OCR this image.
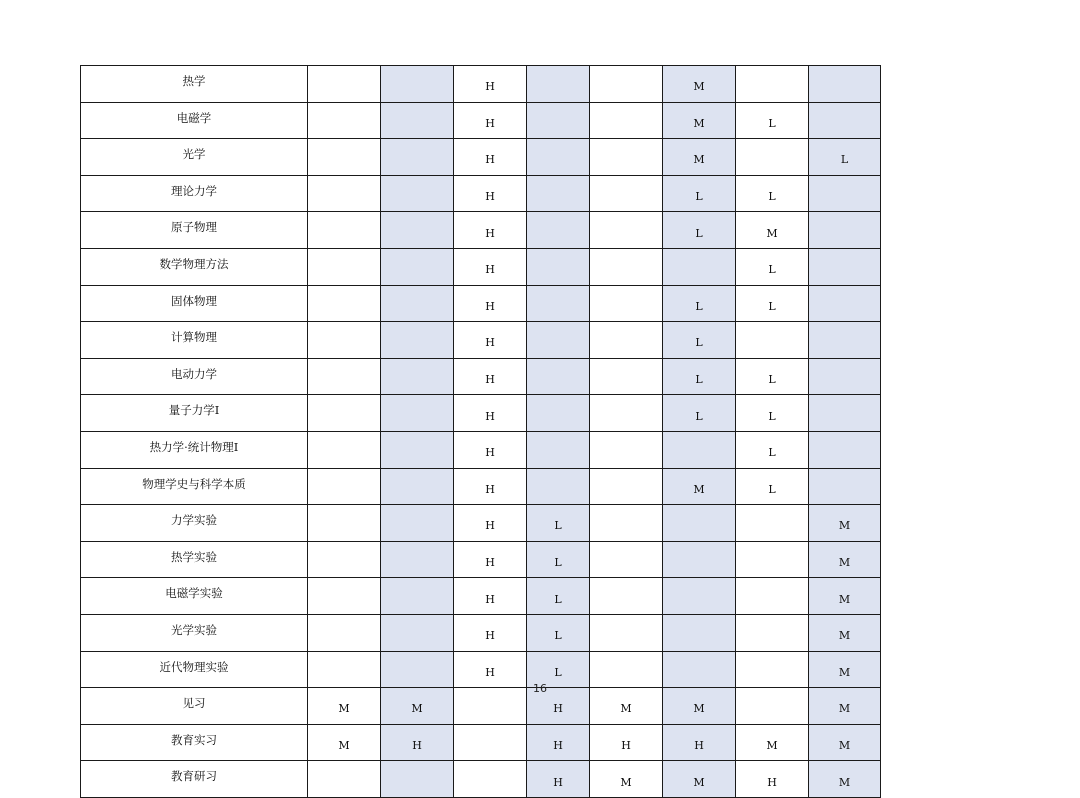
热学			H			M		
电磁学			H			M	L	
光学			H			M		L
理论力学			H			L	L	
原子物理			H			L	M	
数学物理方法			H				L	
固体物理			H			L	L	
计算物理			H			L		
电动力学			H			L	L	
量子力学I			H			L	L	
热力学·统计物理I			H				L	
物理学史与科学本质			H			M	L	
力学实验			H	L				M
热学实验			H	L				M
电磁学实验			H	L				M
光学实验			H	L				M
近代物理实验			H	L				M
见习	M	M		H	M	M		M
教育实习	M	H		H	H	H	M	M
教育研习				H	M	M	H	M
16
